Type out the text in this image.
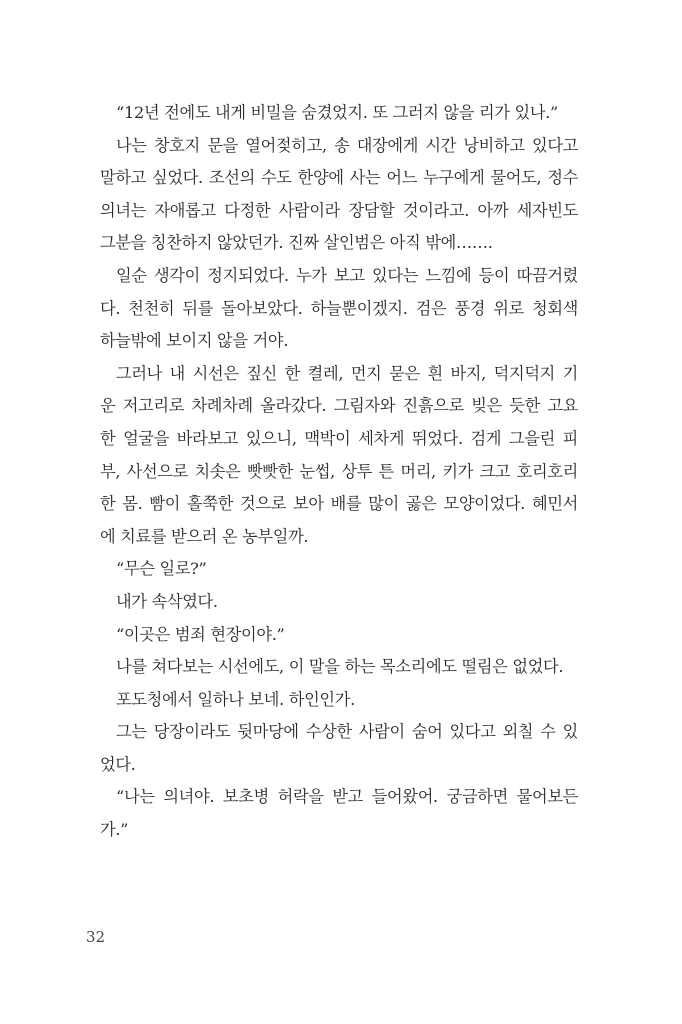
“12년 전에도 내게 비밀을 숨겼었지. 또 그러지 않을 리가 있나.”

나는 창호지 문을 열어젖히고, 송 대장에게 시간 낭비하고 있다고
말하고 싶었다. 조선의 수도 한양에 사는 어느 누구에게 물어도, 정수
의녀는 자애롭고 다정한 사람이라 장담할 것이라고. 아까 세자빈도
그분을 칭찬하지 않았던가. 진짜 살인범은 아직 밖에…….

일순 생각이 정지되었다. 누가 보고 있다는 느낌에 등이 따끔거렸
다. 천천히 뒤를 돌아보았다. 하늘뿐이겠지. 검은 풍경 위로 청회색
하늘밖에 보이지 않을 거야.

그러나 내 시선은 짚신 한 켤레, 먼지 묻은 흰 바지, 덕지덕지 기
운 저고리로 차례차례 올라갔다. 그림자와 진흙으로 빚은 듯한 고요
한 얼굴을 바라보고 있으니, 맥박이 세차게 뛰었다. 검게 그을린 피
부, 사선으로 치솟은 빳빳한 눈썹, 상투 튼 머리, 키가 크고 호리호리
한 몸. 빰이 홀쭉한 것으로 보아 배를 많이 곯은 모양이었다. 혜민서
에 치료를 받으러 온 농부일까.

“무슨 일로?”

내가 속삭였다.

“이곳은 범죄 현장이야.”

나를 쳐다보는 시선에도, 이 말을 하는 목소리에도 떨림은 없었다.

포도청에서 일하나 보네. 하인인가.

그는 당장이라도 뒷마당에 수상한 사람이 숨어 있다고 외칠 수 있
었다.

“나는 의녀야. 보초병 허락을 받고 들어왔어. 궁금하면 물어보든
가.”

32
